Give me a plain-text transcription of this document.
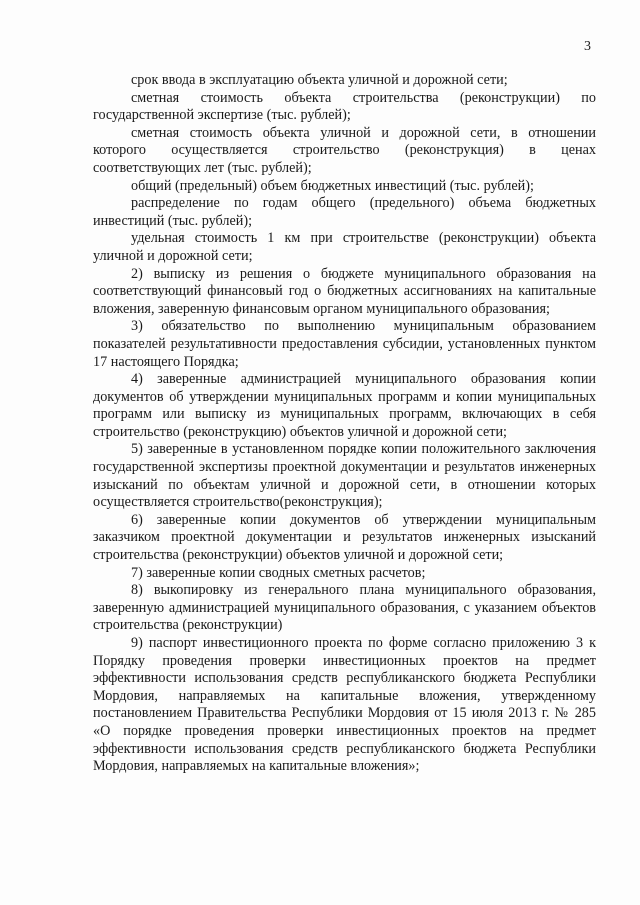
3

срок ввода в эксплуатацию объекта уличной и дорожной сети;

сметная стоимость объекта строительства (реконструкции) по государственной экспертизе (тыс. рублей);

сметная стоимость объекта уличной и дорожной сети, в отношении которого осуществляется строительство (реконструкция) в ценах соответствующих лет (тыс. рублей);

общий (предельный) объем бюджетных инвестиций (тыс. рублей);

распределение по годам общего (предельного) объема бюджетных инвестиций (тыс. рублей);

удельная стоимость 1 км при строительстве (реконструкции) объекта уличной и дорожной сети;

2) выписку из решения о бюджете муниципального образования на соответствующий финансовый год о бюджетных ассигнованиях на капитальные вложения, заверенную финансовым органом муниципального образования;

3) обязательство по выполнению муниципальным образованием показателей результативности предоставления субсидии, установленных пунктом 17 настоящего Порядка;

4) заверенные администрацией муниципального образования копии документов об утверждении муниципальных программ и копии муниципальных программ или выписку из муниципальных программ, включающих в себя строительство (реконструкцию) объектов уличной и дорожной сети;

5) заверенные в установленном порядке копии положительного заключения государственной экспертизы проектной документации и результатов инженерных изысканий по объектам уличной и дорожной сети, в отношении которых осуществляется строительство(реконструкция);

6) заверенные копии документов об утверждении муниципальным заказчиком проектной документации и результатов инженерных изысканий строительства (реконструкции) объектов уличной и дорожной сети;

7) заверенные копии сводных сметных расчетов;

8) выкопировку из генерального плана муниципального образования, заверенную администрацией муниципального образования, с указанием объектов строительства (реконструкции)

9) паспорт инвестиционного проекта по форме согласно приложению 3 к Порядку проведения проверки инвестиционных проектов на предмет эффективности использования средств республиканского бюджета Республики Мордовия, направляемых на капитальные вложения, утвержденному постановлением Правительства Республики Мордовия от 15 июля 2013 г. № 285 «О порядке проведения проверки инвестиционных проектов на предмет эффективности использования средств республиканского бюджета Республики Мордовия, направляемых на капитальные вложения»;
